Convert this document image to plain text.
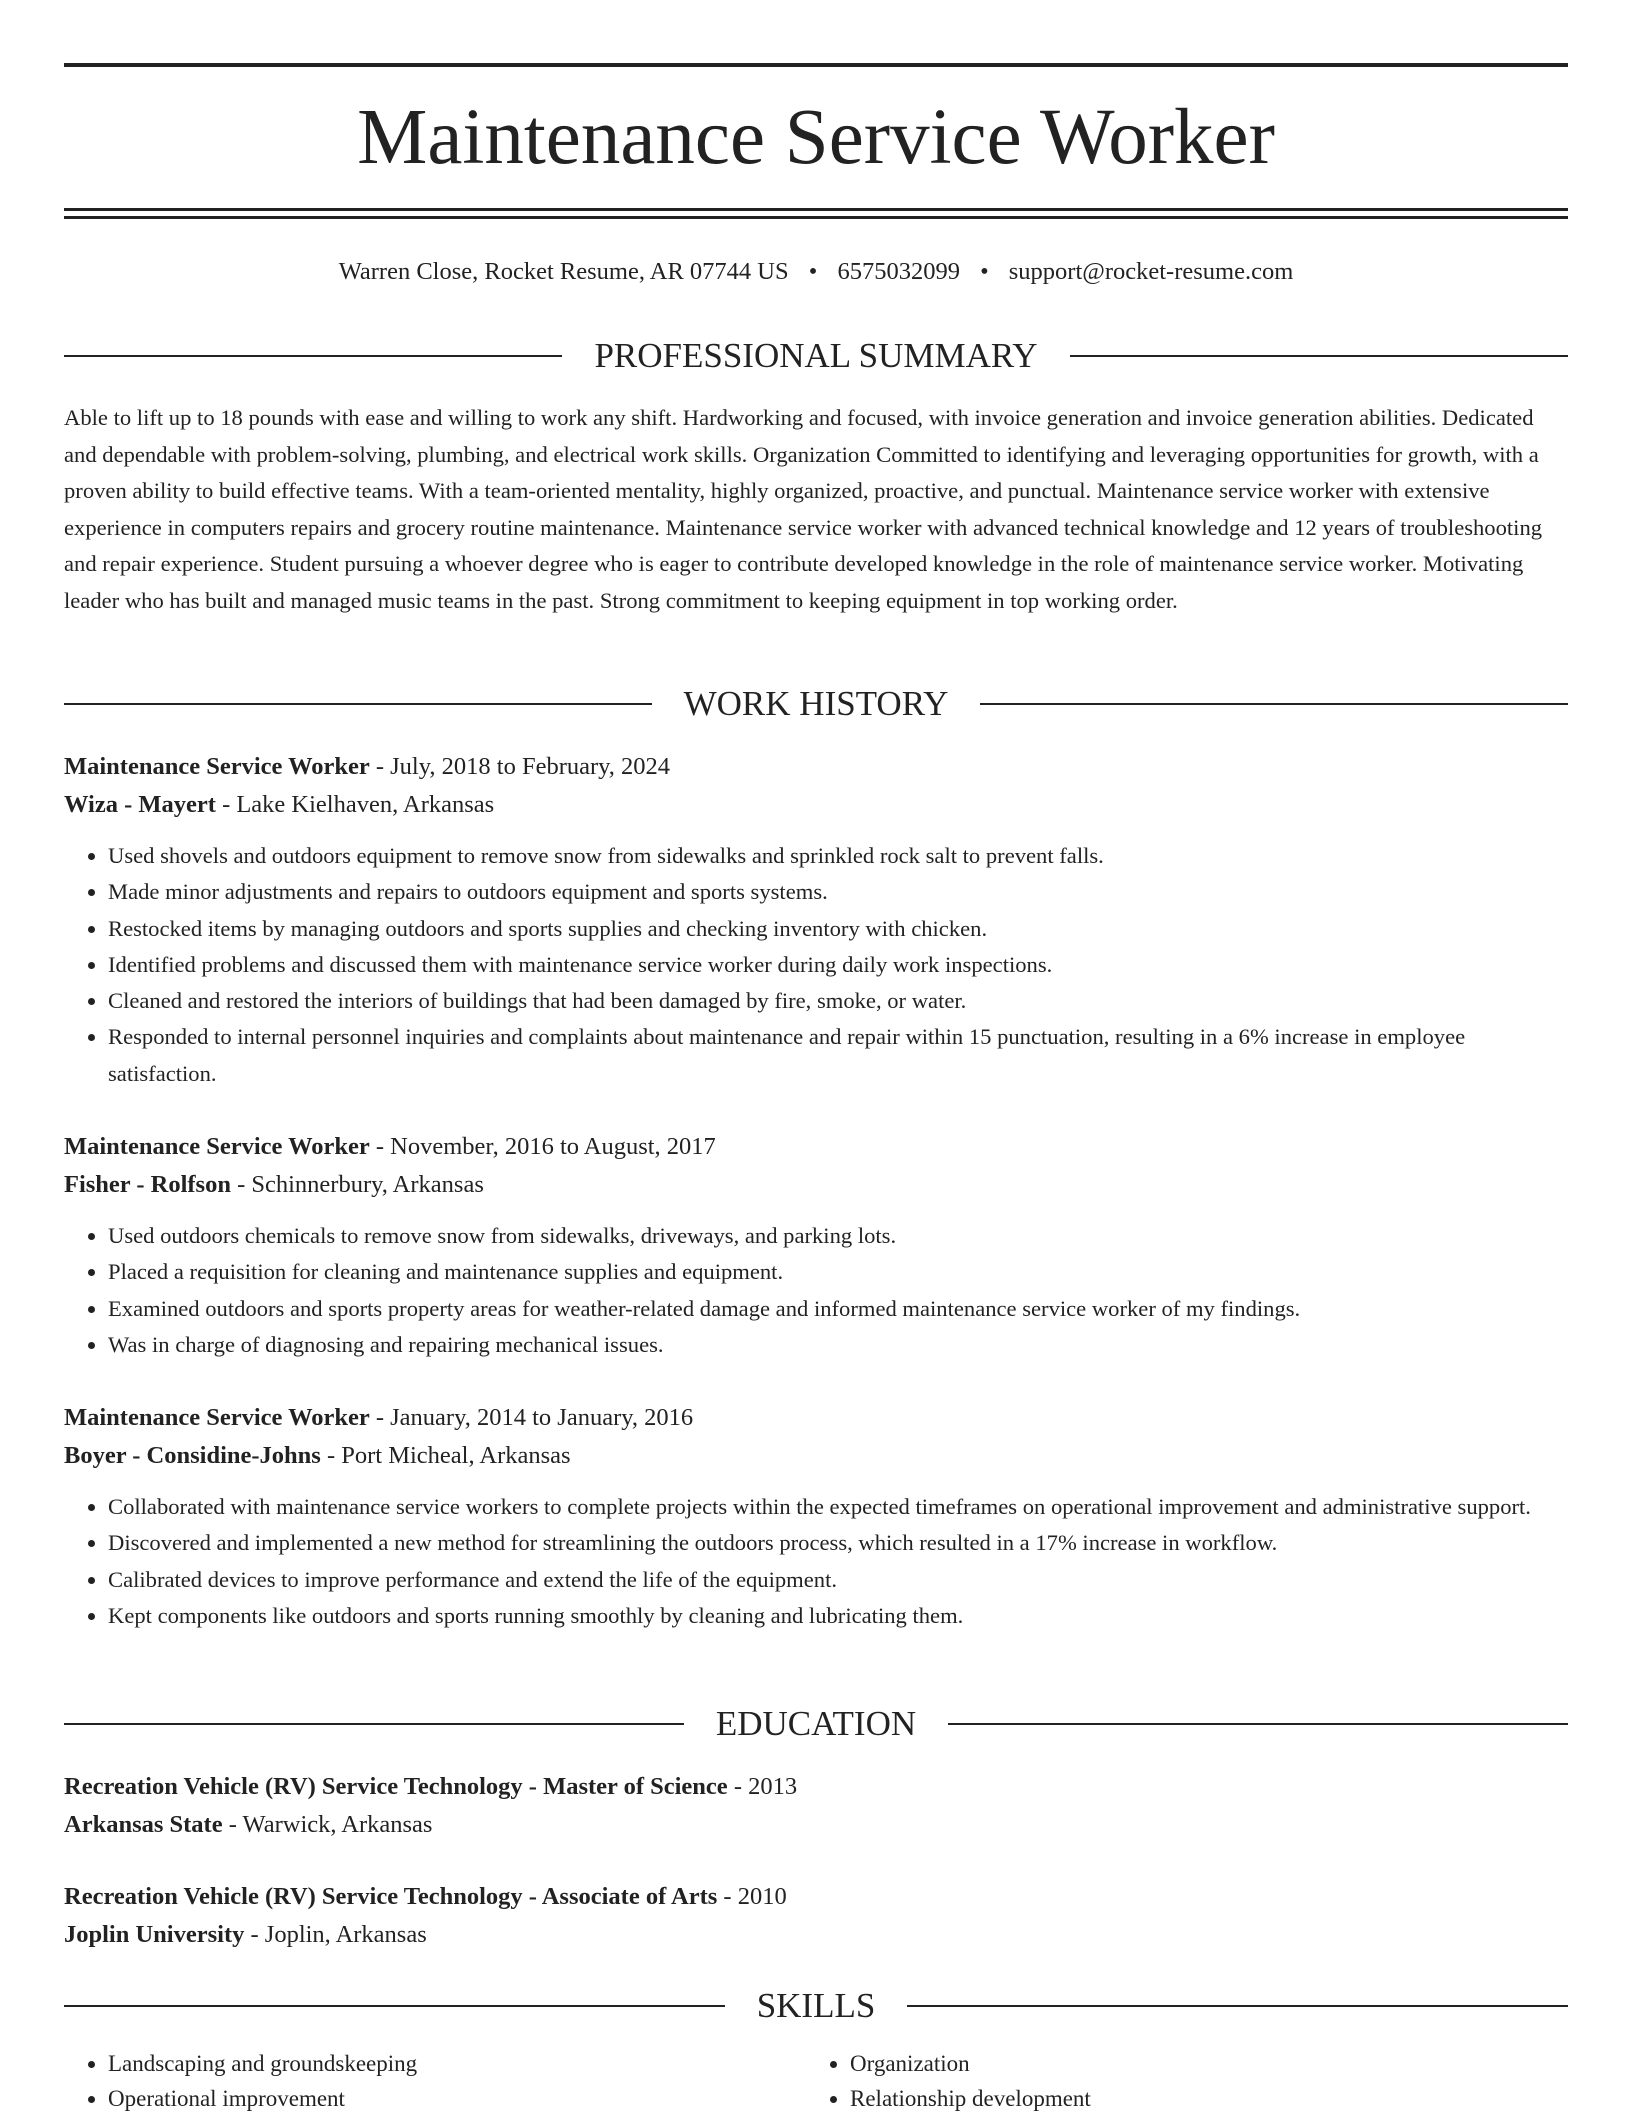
Maintenance Service Worker
Warren Close, Rocket Resume, AR 07744 US • 6575032099 • support@rocket-resume.com
PROFESSIONAL SUMMARY

Able to lift up to 18 pounds with ease and willing to work any shift. Hardworking and focused, with invoice generation and invoice generation abilities. Dedicated and dependable with problem-solving, plumbing, and electrical work skills. Organization Committed to identifying and leveraging opportunities for growth, with a proven ability to build effective teams. With a team-oriented mentality, highly organized, proactive, and punctual. Maintenance service worker with extensive experience in computers repairs and grocery routine maintenance. Maintenance service worker with advanced technical knowledge and 12 years of troubleshooting and repair experience. Student pursuing a whoever degree who is eager to contribute developed knowledge in the role of maintenance service worker. Motivating leader who has built and managed music teams in the past. Strong commitment to keeping equipment in top working order.

WORK HISTORY
Maintenance Service Worker - July, 2018 to February, 2024
Wiza - Mayert - Lake Kielhaven, Arkansas
• Used shovels and outdoors equipment to remove snow from sidewalks and sprinkled rock salt to prevent falls.
• Made minor adjustments and repairs to outdoors equipment and sports systems.
• Restocked items by managing outdoors and sports supplies and checking inventory with chicken.
• Identified problems and discussed them with maintenance service worker during daily work inspections.
• Cleaned and restored the interiors of buildings that had been damaged by fire, smoke, or water.
• Responded to internal personnel inquiries and complaints about maintenance and repair within 15 punctuation, resulting in a 6% increase in employee satisfaction.
Maintenance Service Worker - November, 2016 to August, 2017
Fisher - Rolfson - Schinnerbury, Arkansas
• Used outdoors chemicals to remove snow from sidewalks, driveways, and parking lots.
• Placed a requisition for cleaning and maintenance supplies and equipment.
• Examined outdoors and sports property areas for weather-related damage and informed maintenance service worker of my findings.
• Was in charge of diagnosing and repairing mechanical issues.
Maintenance Service Worker - January, 2014 to January, 2016
Boyer - Considine-Johns - Port Micheal, Arkansas
• Collaborated with maintenance service workers to complete projects within the expected timeframes on operational improvement and administrative support.
• Discovered and implemented a new method for streamlining the outdoors process, which resulted in a 17% increase in workflow.
• Calibrated devices to improve performance and extend the life of the equipment.
• Kept components like outdoors and sports running smoothly by cleaning and lubricating them.
EDUCATION
Recreation Vehicle (RV) Service Technology - Master of Science - 2013
Arkansas State - Warwick, Arkansas
Recreation Vehicle (RV) Service Technology - Associate of Arts - 2010
Joplin University - Joplin, Arkansas
SKILLS
• Landscaping and groundskeeping
• Operational improvement
• Organization
• Relationship development
